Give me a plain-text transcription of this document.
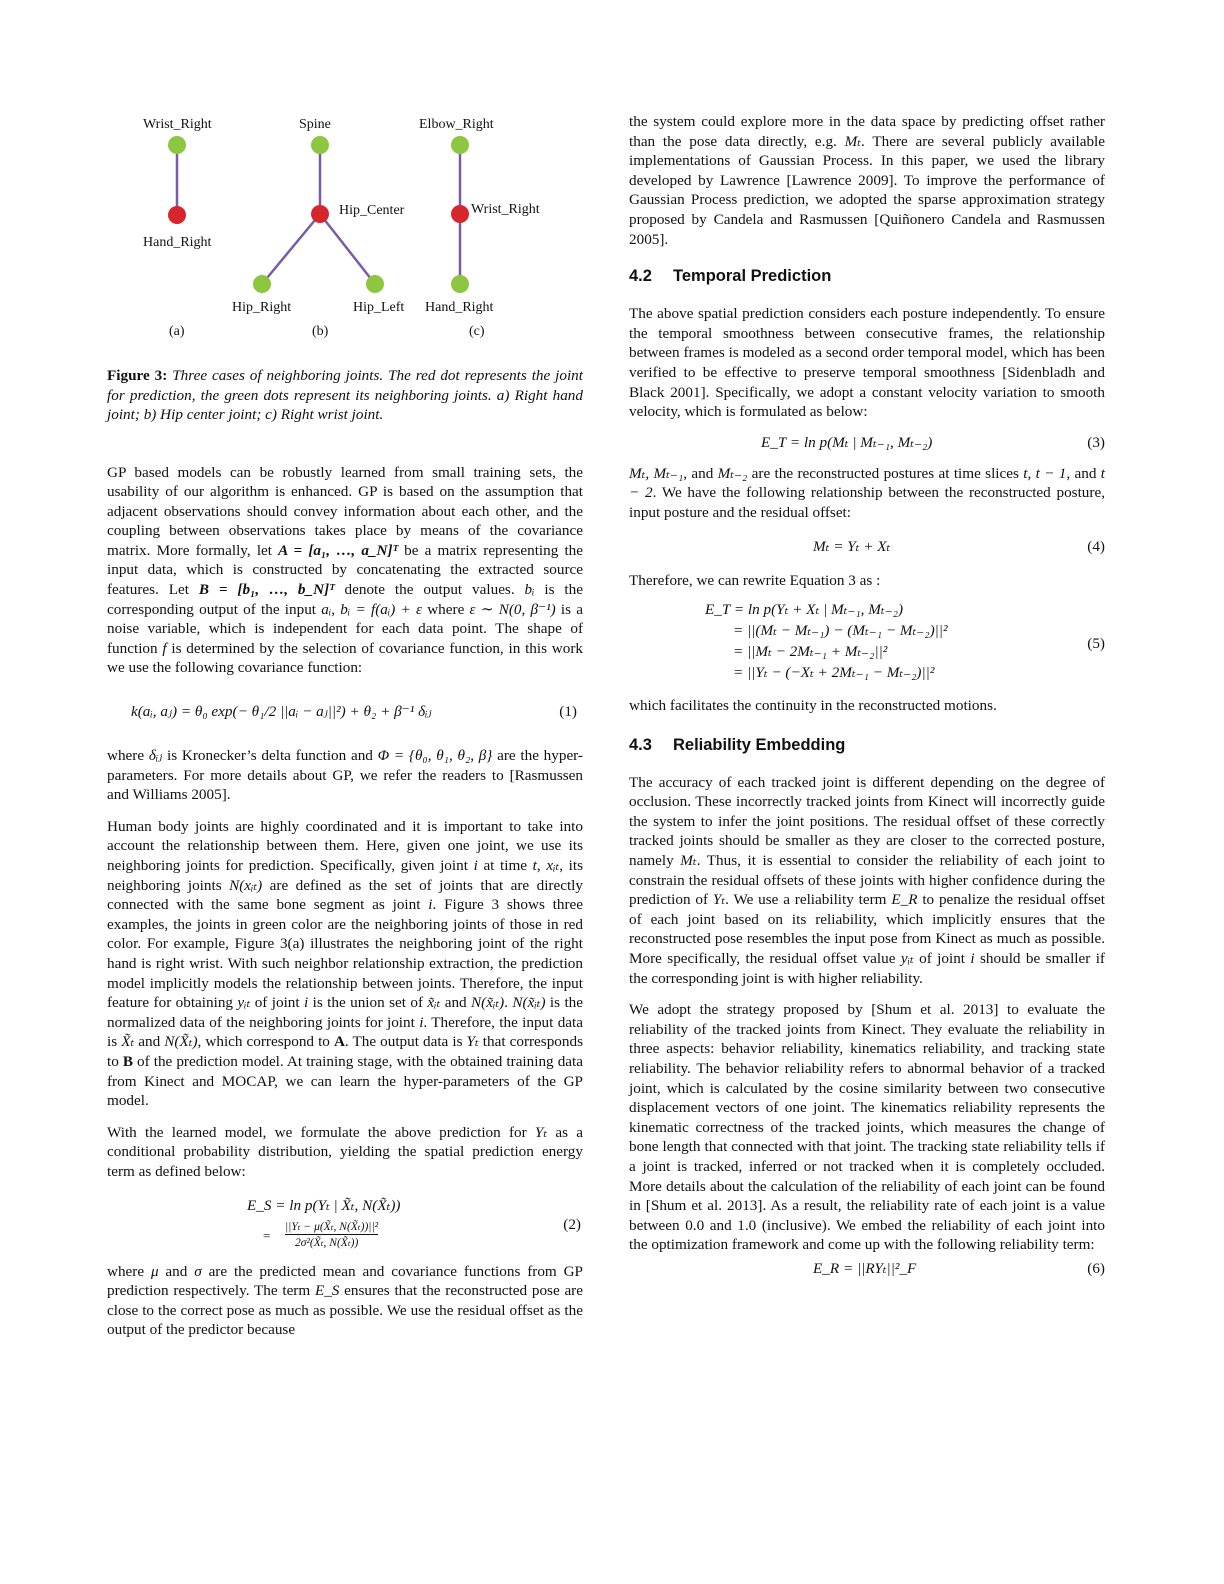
Wrist_Right
Hand_Right
(a)
Spine
Hip_Center
Hip_Right	Hip_Left
(b)
Elbow_Right
Wrist_Right
Hand_Right
(c)

Figure 3: Three cases of neighboring joints. The red dot represents the joint for prediction, the green dots represent its neighboring joints. a) Right hand joint; b) Hip center joint; c) Right wrist joint.

GP based models can be robustly learned from small training sets, the usability of our algorithm is enhanced. GP is based on the assumption that adjacent observations should convey information about each other, and the coupling between observations takes place by means of the covariance matrix. More formally, let A = [a₁, …, a_N]ᵀ be a matrix representing the input data, which is constructed by concatenating the extracted source features. Let B = [b₁, …, b_N]ᵀ denote the output values. bᵢ is the corresponding output of the input aᵢ, bᵢ = f(aᵢ) + ε where ε ∼ N(0, β⁻¹) is a noise variable, which is independent for each data point. The shape of function f is determined by the selection of covariance function, in this work we use the following covariance function:

k(aᵢ, aⱼ) = θ₀ exp(− θ₁/2 ||aᵢ − aⱼ||²) + θ₂ + β⁻¹ δᵢⱼ	(1)

where δᵢⱼ is Kronecker’s delta function and Φ = {θ₀, θ₁, θ₂, β} are the hyper-parameters. For more details about GP, we refer the readers to [Rasmussen and Williams 2005].

Human body joints are highly coordinated and it is important to take into account the relationship between them. Here, given one joint, we use its neighboring joints for prediction. Specifically, given joint i at time t, xᵢₜ, its neighboring joints N(xᵢₜ) are defined as the set of joints that are directly connected with the same bone segment as joint i. Figure 3 shows three examples, the joints in green color are the neighboring joints of those in red color. For example, Figure 3(a) illustrates the neighboring joint of the right hand is right wrist. With such neighbor relationship extraction, the prediction model implicitly models the relationship between joints. Therefore, the input feature for obtaining yᵢₜ of joint i is the union set of x̃ᵢₜ and N(x̃ᵢₜ). N(x̃ᵢₜ) is the normalized data of the neighboring joints for joint i. Therefore, the input data is X̃ₜ and N(X̃ₜ), which correspond to A. The output data is Yₜ that corresponds to B of the prediction model. At training stage, with the obtained training data from Kinect and MOCAP, we can learn the hyper-parameters of the GP model.

With the learned model, we formulate the above prediction for Yₜ as a conditional probability distribution, yielding the spatial prediction energy term as defined below:

E_S = ln p(Yₜ | X̃ₜ, N(X̃ₜ))
=
||Yₜ − μ(X̃ₜ, N(X̃ₜ))||²
2σ²(X̃ₜ, N(X̃ₜ))
(2)

where μ and σ are the predicted mean and covariance functions from GP prediction respectively. The term E_S ensures that the reconstructed pose are close to the correct pose as much as possible. We use the residual offset as the output of the predictor because

the system could explore more in the data space by predicting offset rather than the pose data directly, e.g. Mₜ. There are several publicly available implementations of Gaussian Process. In this paper, we used the library developed by Lawrence [Lawrence 2009]. To improve the performance of Gaussian Process prediction, we adopted the sparse approximation strategy proposed by Candela and Rasmussen [Quiñonero Candela and Rasmussen 2005].

4.2 Temporal Prediction

The above spatial prediction considers each posture independently. To ensure the temporal smoothness between consecutive frames, the relationship between frames is modeled as a second order temporal model, which has been verified to be effective to preserve temporal smoothness [Sidenbladh and Black 2001]. Specifically, we adopt a constant velocity variation to smooth velocity, which is formulated as below:

E_T = ln p(Mₜ | Mₜ₋₁, Mₜ₋₂)	(3)

Mₜ, Mₜ₋₁, and Mₜ₋₂ are the reconstructed postures at time slices t, t − 1, and t − 2. We have the following relationship between the reconstructed posture, input posture and the residual offset:

Mₜ = Yₜ + Xₜ	(4)

Therefore, we can rewrite Equation 3 as :

E_T = ln p(Yₜ + Xₜ | Mₜ₋₁, Mₜ₋₂)
= ||(Mₜ − Mₜ₋₁) − (Mₜ₋₁ − Mₜ₋₂)||²
= ||Mₜ − 2Mₜ₋₁ + Mₜ₋₂||²
= ||Yₜ − (−Xₜ + 2Mₜ₋₁ − Mₜ₋₂)||²
(5)

which facilitates the continuity in the reconstructed motions.

4.3 Reliability Embedding

The accuracy of each tracked joint is different depending on the degree of occlusion. These incorrectly tracked joints from Kinect will incorrectly guide the system to infer the joint positions. The residual offset of these correctly tracked joints should be smaller as they are closer to the corrected posture, namely Mₜ. Thus, it is essential to consider the reliability of each joint to constrain the residual offsets of these joints with higher confidence during the prediction of Yₜ. We use a reliability term E_R to penalize the residual offset of each joint based on its reliability, which implicitly ensures that the reconstructed pose resembles the input pose from Kinect as much as possible. More specifically, the residual offset value yᵢₜ of joint i should be smaller if the corresponding joint is with higher reliability.

We adopt the strategy proposed by [Shum et al. 2013] to evaluate the reliability of the tracked joints from Kinect. They evaluate the reliability in three aspects: behavior reliability, kinematics reliability, and tracking state reliability. The behavior reliability refers to abnormal behavior of a tracked joint, which is calculated by the cosine similarity between two consecutive displacement vectors of one joint. The kinematics reliability represents the kinematic correctness of the tracked joints, which measures the change of bone length that connected with that joint. The tracking state reliability tells if a joint is tracked, inferred or not tracked when it is completely occluded. More details about the calculation of the reliability of each joint can be found in [Shum et al. 2013]. As a result, the reliability rate of each joint is a value between 0.0 and 1.0 (inclusive). We embed the reliability of each joint into the optimization framework and come up with the following reliability term:

E_R = ||RYₜ||²_F	(6)
